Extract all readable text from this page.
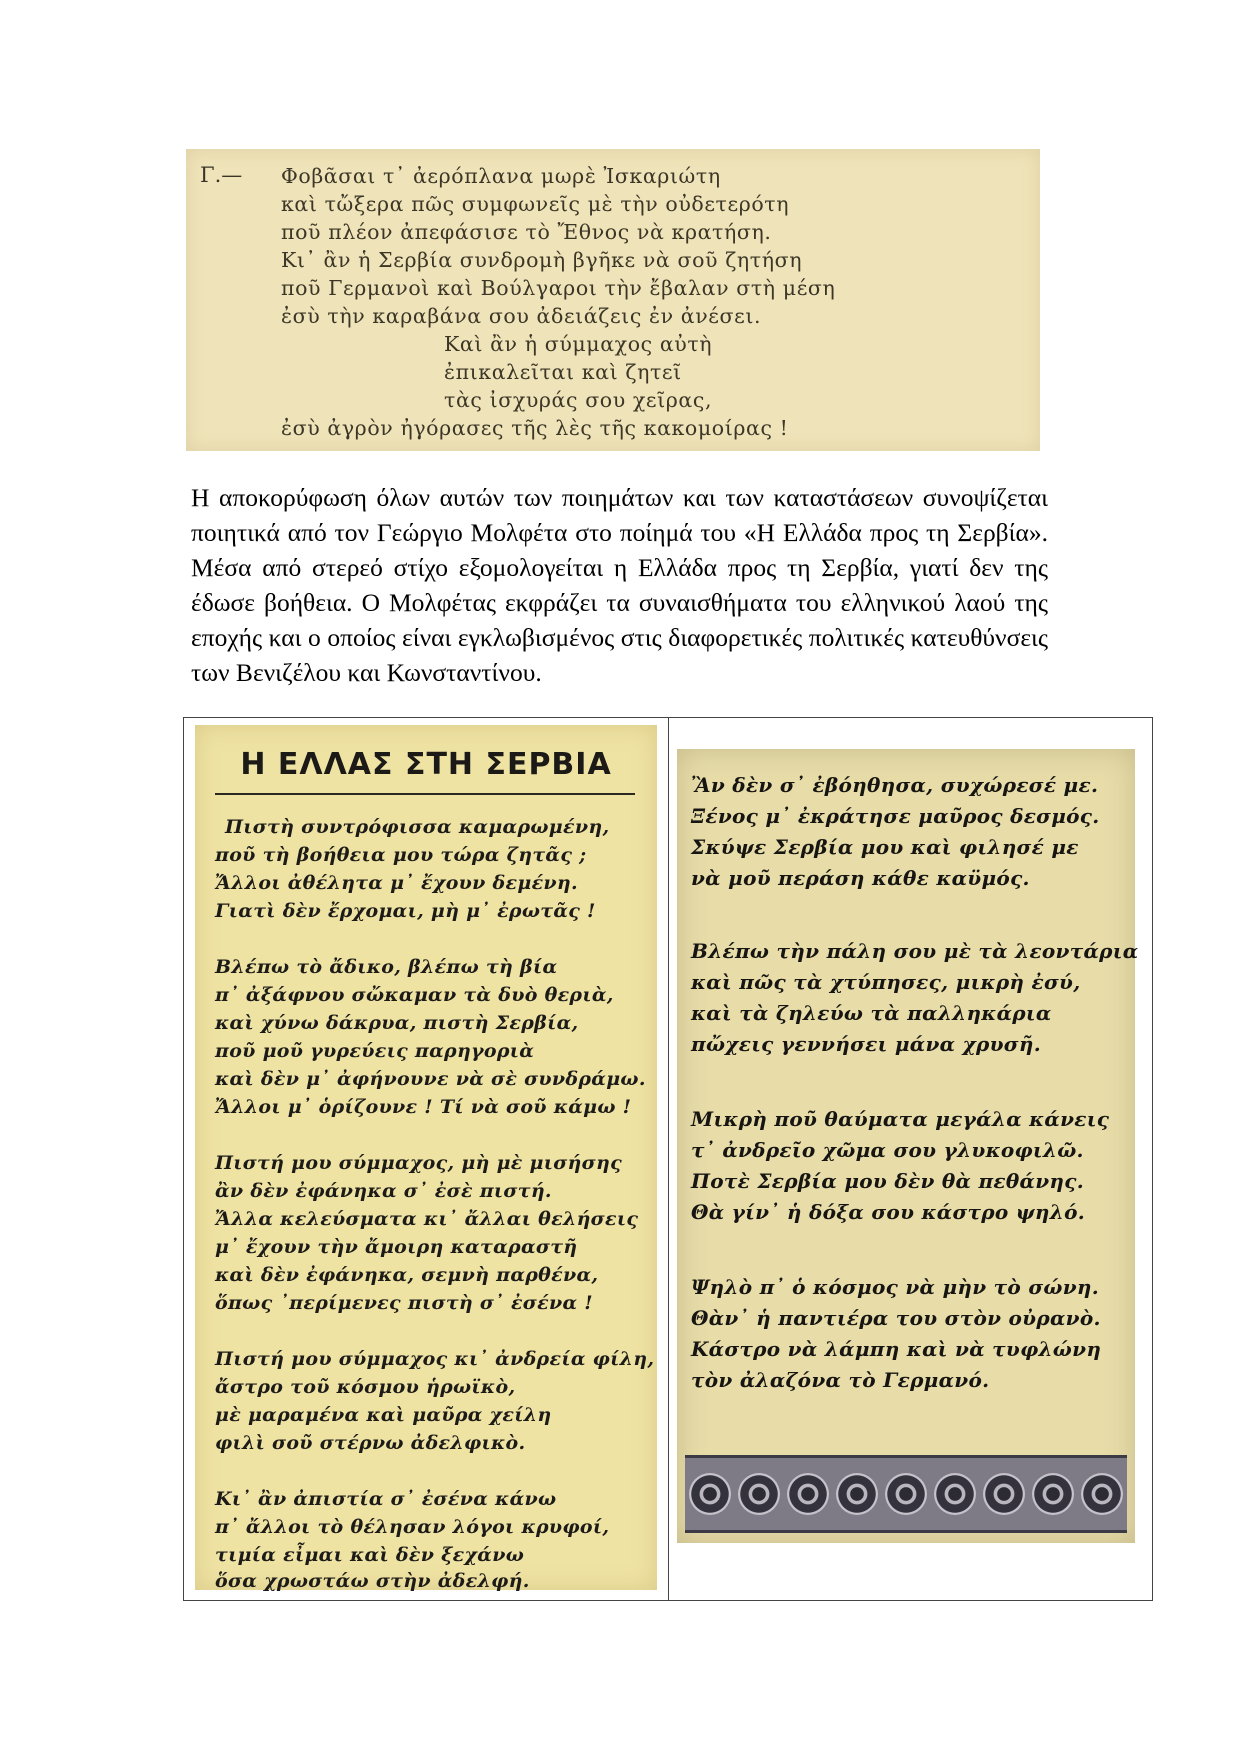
Γ.— Φοβᾶσαι τ᾽ ἀερόπλανα μωρὲ Ἰσκαριώτη
καὶ τὤξερα πῶς συμφωνεῖς μὲ τὴν οὐδετερότη
ποῦ πλέον ἀπεφάσισε τὸ Ἔθνος νὰ κρατήση.
Κι᾽ ἂν ἡ Σερβία συνδρομὴ βγῆκε νὰ σοῦ ζητήση
ποῦ Γερμανοὶ καὶ Βούλγαροι τὴν ἔβαλαν στὴ μέση
ἐσὺ τὴν καραβάνα σου ἀδειάζεις ἐν ἀνέσει.
Καὶ ἂν ἡ σύμμαχος αὐτὴ
ἐπικαλεῖται καὶ ζητεῖ
τὰς ἰσχυράς σου χεῖρας,
ἐσὺ ἀγρὸν ἠγόρασες τῆς λὲς τῆς κακομοίρας !

Η αποκορύφωση όλων αυτών των ποιημάτων και των καταστάσεων συνοψίζεται ποιητικά από τον Γεώργιο Μολφέτα στο ποίημά του «Η Ελλάδα προς τη Σερβία». Μέσα από στερεό στίχο εξομολογείται η Ελλάδα προς τη Σερβία, γιατί δεν της έδωσε βοήθεια. Ο Μολφέτας εκφράζει τα συναισθήματα του ελληνικού λαού της εποχής και ο οποίος είναι εγκλωβισμένος στις διαφορετικές πολιτικές κατευθύνσεις των Βενιζέλου και Κωνσταντίνου.

Η ΕΛΛΑΣ ΣΤΗ ΣΕΡΒΙΑ
Πιστὴ συντρόφισσα καμαρωμένη,
ποῦ τὴ βοήθεια μου τώρα ζητᾶς ;
Ἄλλοι ἀθέλητα μ᾽ ἔχουν δεμένη.
Γιατὶ δὲν ἔρχομαι, μὴ μ᾽ ἐρωτᾶς !
Βλέπω τὸ ἄδικο, βλέπω τὴ βία
π᾽ ἀξάφνου σὤκαμαν τὰ δυὸ θεριὰ,
καὶ χύνω δάκρυα, πιστὴ Σερβία,
ποῦ μοῦ γυρεύεις παρηγοριὰ
καὶ δὲν μ᾽ ἀφήνουνε νὰ σὲ συνδράμω.
Ἄλλοι μ᾽ ὁρίζουνε ! Τί νὰ σοῦ κάμω !
Πιστή μου σύμμαχος, μὴ μὲ μισήσης
ἂν δὲν ἐφάνηκα σ᾽ ἐσὲ πιστή.
Ἄλλα κελεύσματα κι᾽ ἄλλαι θελήσεις
μ᾽ ἔχουν τὴν ἄμοιρη καταραστῆ
καὶ δὲν ἐφάνηκα, σεμνὴ παρθένα,
ὅπως ᾽περίμενες πιστὴ σ᾽ ἐσένα !
Πιστή μου σύμμαχος κι᾽ ἀνδρεία φίλη,
ἄστρο τοῦ κόσμου ἡρωϊκὸ,
μὲ μαραμένα καὶ μαῦρα χείλη
φιλὶ σοῦ στέρνω ἀδελφικὸ.
Κι᾽ ἂν ἀπιστία σ᾽ ἐσένα κάνω
π᾽ ἄλλοι τὸ θέλησαν λόγοι κρυφοί,
τιμία εἶμαι καὶ δὲν ξεχάνω
ὅσα χρωστάω στὴν ἀδελφή.
Ἂν δὲν σ᾽ ἐβόηθησα, συχώρεσέ με.
Ξένος μ᾽ ἐκράτησε μαῦρος δεσμός.
Σκύψε Σερβία μου καὶ φιλησέ με
νὰ μοῦ περάση κάθε καϋμός.
Βλέπω τὴν πάλη σου μὲ τὰ λεοντάρια
καὶ πῶς τὰ χτύπησες, μικρὴ ἐσύ,
καὶ τὰ ζηλεύω τὰ παλληκάρια
πὤχεις γεννήσει μάνα χρυσῆ.
Μικρὴ ποῦ θαύματα μεγάλα κάνεις
τ᾽ ἀνδρεῖο χῶμα σου γλυκοφιλῶ.
Ποτὲ Σερβία μου δὲν θὰ πεθάνης.
Θὰ γίν᾽ ἡ δόξα σου κάστρο ψηλό.
Ψηλὸ π᾽ ὁ κόσμος νὰ μὴν τὸ σώνη.
Θὰν᾽ ἡ παντιέρα του στὸν οὐρανὸ.
Κάστρο νὰ λάμπη καὶ νὰ τυφλώνη
τὸν ἀλαζόνα τὸ Γερμανό.
